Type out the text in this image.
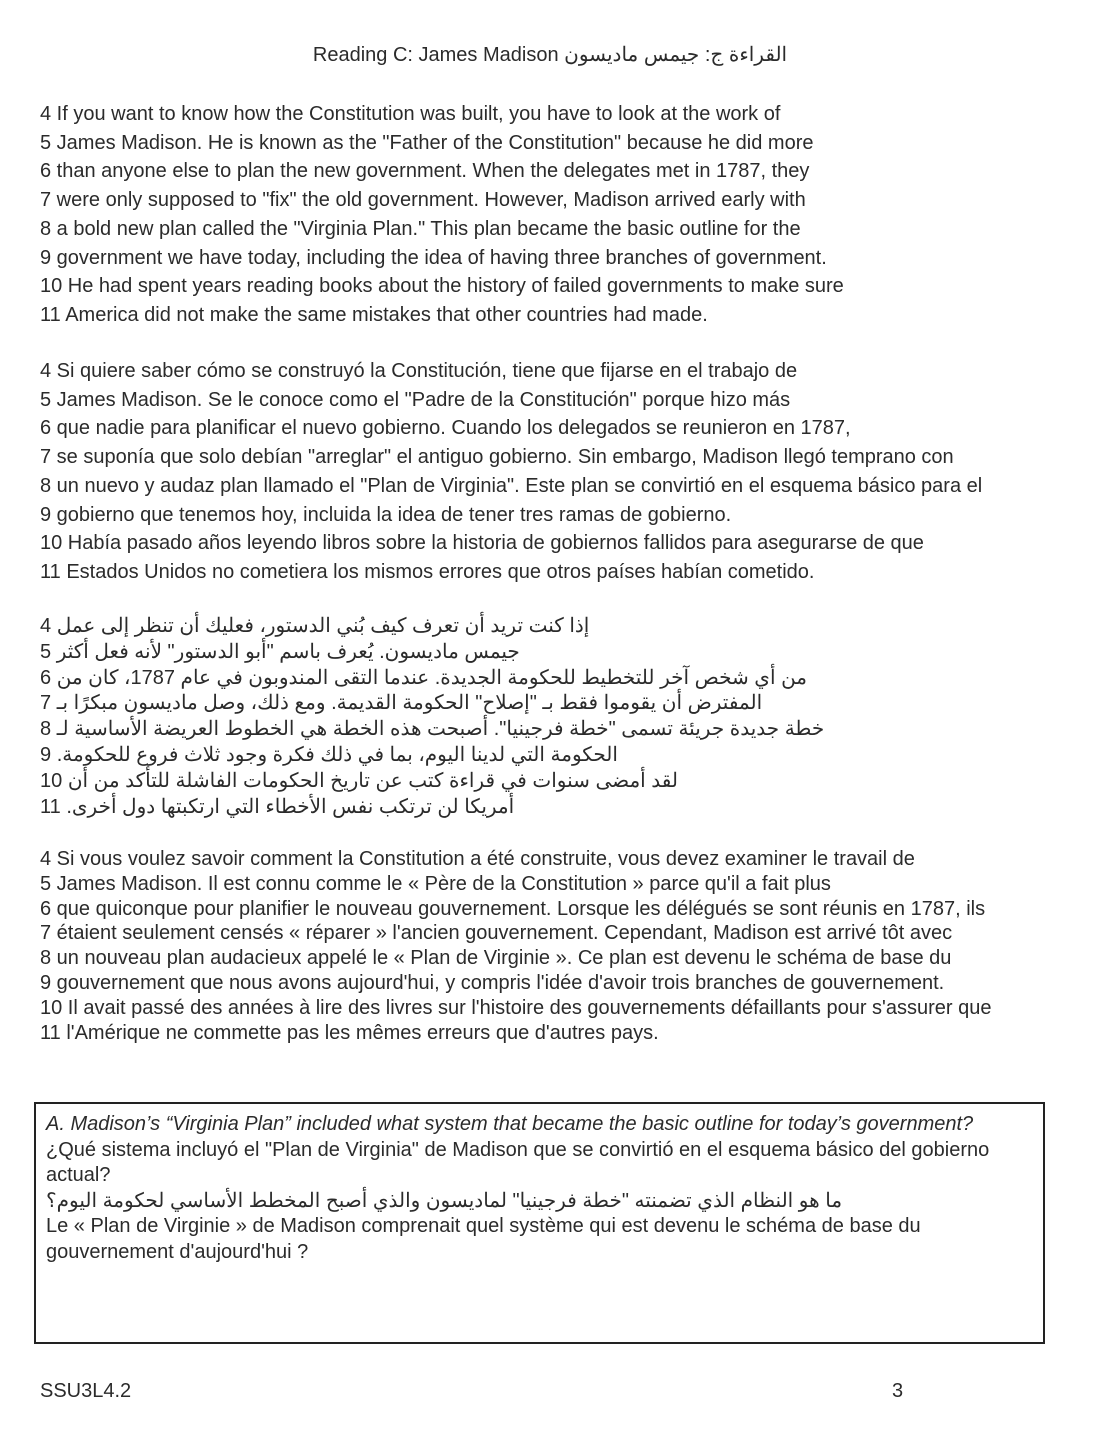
Reading C: James Madison القراءة ج: جيمس ماديسون
4 If you want to know how the Constitution was built, you have to look at the work of
5 James Madison. He is known as the "Father of the Constitution" because he did more
6 than anyone else to plan the new government. When the delegates met in 1787, they
7 were only supposed to "fix" the old government. However, Madison arrived early with
8 a bold new plan called the "Virginia Plan." This plan became the basic outline for the
9 government we have today, including the idea of having three branches of government.
10 He had spent years reading books about the history of failed governments to make sure
11 America did not make the same mistakes that other countries had made.
4 Si quiere saber cómo se construyó la Constitución, tiene que fijarse en el trabajo de
5 James Madison. Se le conoce como el "Padre de la Constitución" porque hizo más
6 que nadie para planificar el nuevo gobierno. Cuando los delegados se reunieron en 1787,
7 se suponía que solo debían "arreglar" el antiguo gobierno. Sin embargo, Madison llegó temprano con
8 un nuevo y audaz plan llamado el "Plan de Virginia". Este plan se convirtió en el esquema básico para el
9 gobierno que tenemos hoy, incluida la idea de tener tres ramas de gobierno.
10 Había pasado años leyendo libros sobre la historia de gobiernos fallidos para asegurarse de que
11 Estados Unidos no cometiera los mismos errores que otros países habían cometido.
4 إذا كنت تريد أن تعرف كيف بُني الدستور، فعليك أن تنظر إلى عمل
5 جيمس ماديسون. يُعرف باسم "أبو الدستور" لأنه فعل أكثر
6 من أي شخص آخر للتخطيط للحكومة الجديدة. عندما التقى المندوبون في عام 1787، كان من
7 المفترض أن يقوموا فقط بـ "إصلاح" الحكومة القديمة. ومع ذلك، وصل ماديسون مبكرًا بـ
8 خطة جديدة جريئة تسمى "خطة فرجينيا". أصبحت هذه الخطة هي الخطوط العريضة الأساسية لـ
9 الحكومة التي لدينا اليوم، بما في ذلك فكرة وجود ثلاث فروع للحكومة.
10 لقد أمضى سنوات في قراءة كتب عن تاريخ الحكومات الفاشلة للتأكد من أن
11 أمريكا لن ترتكب نفس الأخطاء التي ارتكبتها دول أخرى.
4 Si vous voulez savoir comment la Constitution a été construite, vous devez examiner le travail de
5 James Madison. Il est connu comme le « Père de la Constitution » parce qu'il a fait plus
6 que quiconque pour planifier le nouveau gouvernement. Lorsque les délégués se sont réunis en 1787, ils
7 étaient seulement censés « réparer » l'ancien gouvernement. Cependant, Madison est arrivé tôt avec
8 un nouveau plan audacieux appelé le « Plan de Virginie ». Ce plan est devenu le schéma de base du
9 gouvernement que nous avons aujourd'hui, y compris l'idée d'avoir trois branches de gouvernement.
10 Il avait passé des années à lire des livres sur l'histoire des gouvernements défaillants pour s'assurer que
11 l'Amérique ne commette pas les mêmes erreurs que d'autres pays.

A. Madison’s “Virginia Plan” included what system that became the basic outline for today’s government?

¿Qué sistema incluyó el "Plan de Virginia" de Madison que se convirtió en el esquema básico del gobierno actual?

ما هو النظام الذي تضمنته "خطة فرجينيا" لماديسون والذي أصبح المخطط الأساسي لحكومة اليوم؟

Le « Plan de Virginie » de Madison comprenait quel système qui est devenu le schéma de base du gouvernement d'aujourd'hui ?

SSU3L4.2	3
